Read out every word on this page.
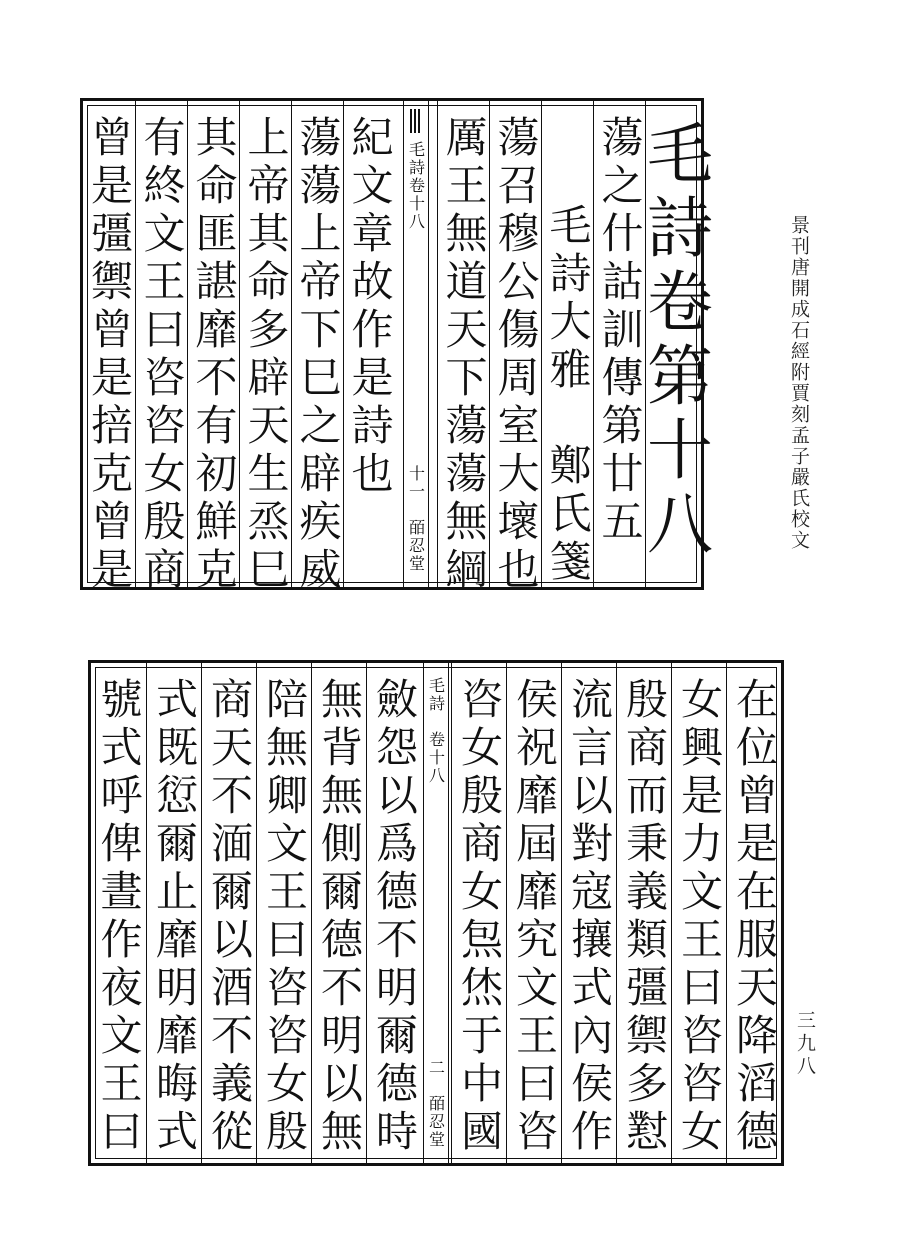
景刊唐開成石經附賈刻孟子嚴氏校文
三九八
曾是彊禦曾是掊克曾是 有終文王曰咨咨女殷商 其命匪諶靡不有初鮮克 上帝其命多辟天生烝巳 蕩蕩上帝下巳之辟疾威 紀文章故作是詩也 毛詩卷十八
十一　皕忍堂 厲王無道天下蕩蕩無綱 蕩召穆公傷周室大壞也 毛詩大雅　鄭氏箋 蕩之什詁訓傳第廿五
毛詩卷第十八
號式呼俾晝作夜文王曰 式既愆爾止靡明靡晦式 商天不湎爾以酒不義從 陪無卿文王曰咨咨女殷 無背無側爾德不明以無 斂怨以爲德不明爾德時 毛詩　卷十八
二　皕忍堂 咨女殷商女炰烋于中國 侯祝靡屆靡究文王曰咨 流言以對寇攘式內侯作 殷商而秉義類彊禦多懟 女興是力文王曰咨咨女 在位曾是在服天降滔德
